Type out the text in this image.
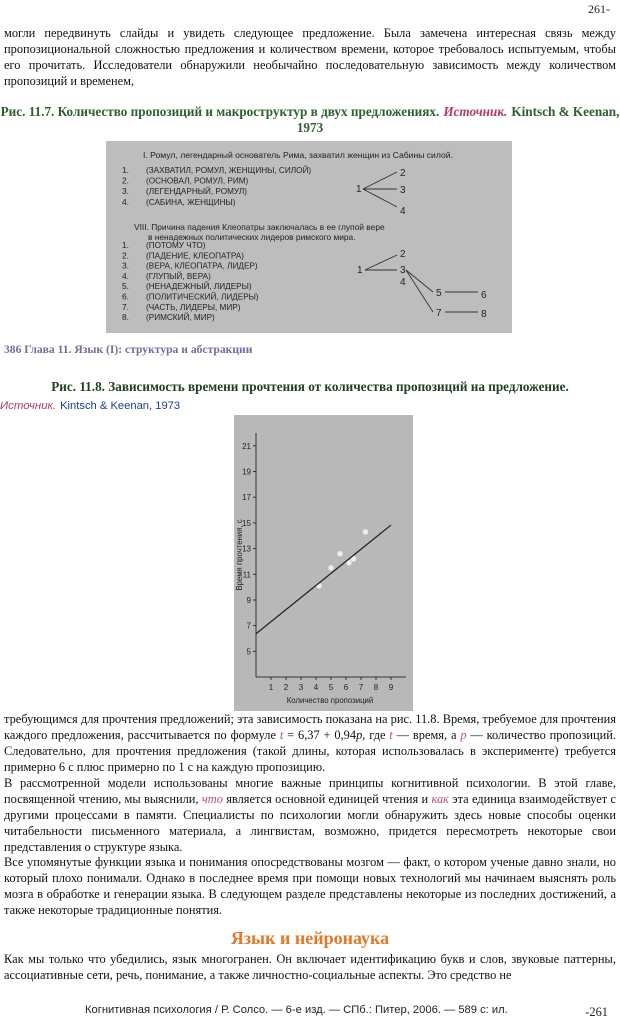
261-
могли передвинуть слайды и увидеть следующее предложение. Была замечена интересная связь между пропозициональной сложностью предложения и количеством времени, которое требовалось испытуемым, чтобы его прочитать. Исследователи обнаружили необычайно последовательную зависимость между количеством пропозиций и временем,
Рис. 11.7. Количество пропозиций и макроструктур в двух предложениях. Источник. Kintsch & Keenan, 1973
I. Ромул, легендарный основатель Рима, захватил женщин из Сабины силой.
1. (ЗАХВАТИЛ, РОМУЛ, ЖЕНЩИНЫ, СИЛОЙ)
2. (ОСНОВАЛ, РОМУЛ, РИМ)
3. (ЛЕГЕНДАРНЫЙ, РОМУЛ)
4. (САБИНА, ЖЕНЩИНЫ)
VIII. Причина падения Клеопатры заключалась в ее глупой вере
в ненадежных политических лидеров римского мира.
1. (ПОТОМУ ЧТО)
2. (ПАДЕНИЕ, КЛЕОПАТРА)
3. (ВЕРА, КЛЕОПАТРА, ЛИДЕР)
4. (ГЛУПЫЙ, ВЕРА)
5. (НЕНАДЕЖНЫЙ, ЛИДЕРЫ)
6. (ПОЛИТИЧЕСКИЙ, ЛИДЕРЫ)
7. (ЧАСТЬ, ЛИДЕРЫ, МИР)
8. (РИМСКИЙ, МИР)
1
2
3
4
1
2
3
4
5
7
6
8
386 Глава 11. Язык (I): структура и абстракции
Рис. 11.8. Зависимость времени прочтения от количества пропозиций на предложение.
Источник. Kintsch & Keenan, 1973
5
7
9
11
13
15
17
19
21
1 2 3 4 5 6 7 8 9
Количество пропозиций
Время прочтения, с
требующимся для прочтения предложений; эта зависимость показана на рис. 11.8. Время, требуемое для прочтения каждого предложения, рассчитывается по формуле t = 6,37 + 0,94p, где t — время, а p — количество пропозиций. Следовательно, для прочтения предложения (такой длины, которая использовалась в эксперименте) требуется примерно 6 с плюс примерно по 1 с на каждую пропозицию.
В рассмотренной модели использованы многие важные принципы когнитивной психологии. В этой главе, посвященной чтению, мы выяснили, что является основной единицей чтения и как эта единица взаимодействует с другими процессами в памяти. Специалисты по психологии могли обнаружить здесь новые способы оценки читабельности письменного материала, а лингвистам, возможно, придется пересмотреть некоторые свои представления о структуре языка.
Все упомянутые функции языка и понимания опосредствованы мозгом — факт, о котором ученые давно знали, но который плохо понимали. Однако в последнее время при помощи новых технологий мы начинаем выяснять роль мозга в обработке и генерации языка. В следующем разделе представлены некоторые из последних достижений, а также некоторые традиционные понятия.
Язык и нейронаука
Как мы только что убедились, язык многогранен. Он включает идентификацию букв и слов, звуковые паттерны, ассоциативные сети, речь, понимание, а также личностно-социальные аспекты. Это средство не
Когнитивная психология / Р. Солсо. — 6-е изд. — СПб.: Питер, 2006. — 589 с: ил.	-261
